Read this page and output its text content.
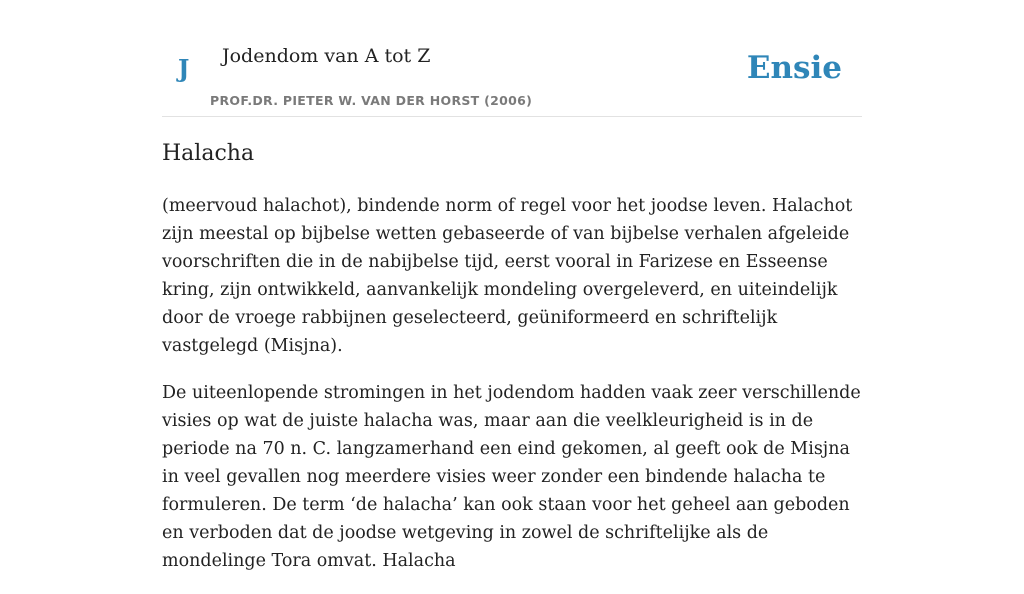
J Jodendom van A tot Z
PROF.DR. PIETER W. VAN DER HORST (2006)
Ensie
Halacha

(meervoud halachot), bindende norm of regel voor het joodse leven. Halachot zijn meestal op bijbelse wetten gebaseerde of van bijbelse verhalen afgeleide voorschriften die in de nabijbelse tijd, eerst vooral in Farizese en Esseense kring, zijn ontwikkeld, aanvankelijk mondeling overgeleverd, en uiteindelijk door de vroege rabbijnen geselecteerd, geüniformeerd en schriftelijk vastgelegd (Misjna).

De uiteenlopende stromingen in het jodendom hadden vaak zeer verschillende visies op wat de juiste halacha was, maar aan die veelkleurigheid is in de periode na 70 n. C. langzamerhand een eind gekomen, al geeft ook de Misjna in veel gevallen nog meerdere visies weer zonder een bindende halacha te formuleren. De term ‘de halacha’ kan ook staan voor het geheel aan geboden en verboden dat de joodse wetgeving in zowel de schriftelijke als de mondelinge Tora omvat. Halacha
